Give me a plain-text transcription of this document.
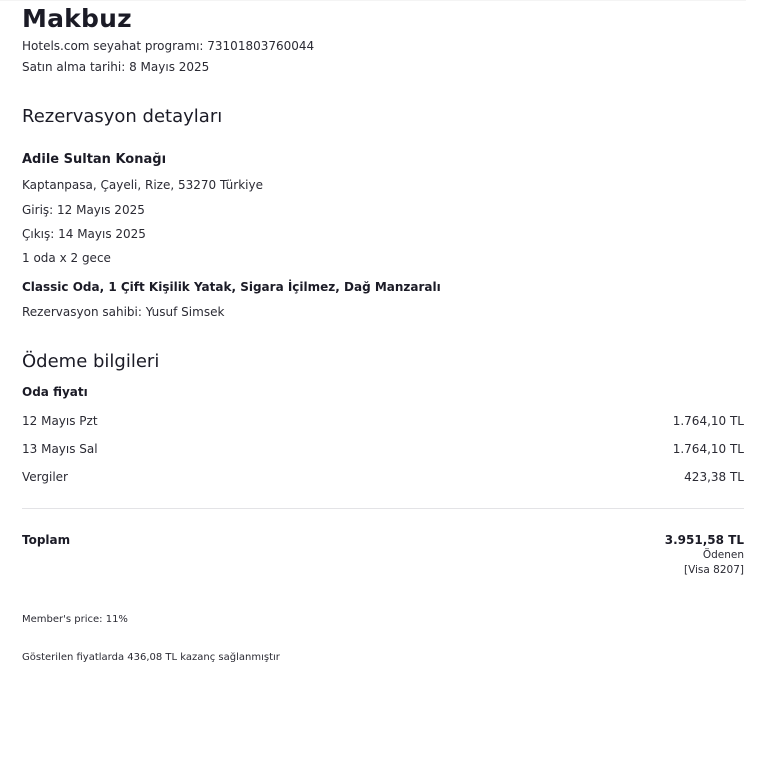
Makbuz
Hotels.com seyahat programı: 73101803760044
Satın alma tarihi: 8 Mayıs 2025
Rezervasyon detayları
Adile Sultan Konağı
Kaptanpasa, Çayeli, Rize, 53270 Türkiye
Giriş: 12 Mayıs 2025
Çıkış: 14 Mayıs 2025
1 oda x 2 gece
Classic Oda, 1 Çift Kişilik Yatak, Sigara İçilmez, Dağ Manzaralı
Rezervasyon sahibi: Yusuf Simsek
Ödeme bilgileri
Oda fiyatı
12 Mayıs Pzt	1.764,10 TL
13 Mayıs Sal	1.764,10 TL
Vergiler	423,38 TL
Toplam	3.951,58 TL
Ödenen
[Visa 8207]
Member's price: 11%
Gösterilen fiyatlarda 436,08 TL kazanç sağlanmıştır
